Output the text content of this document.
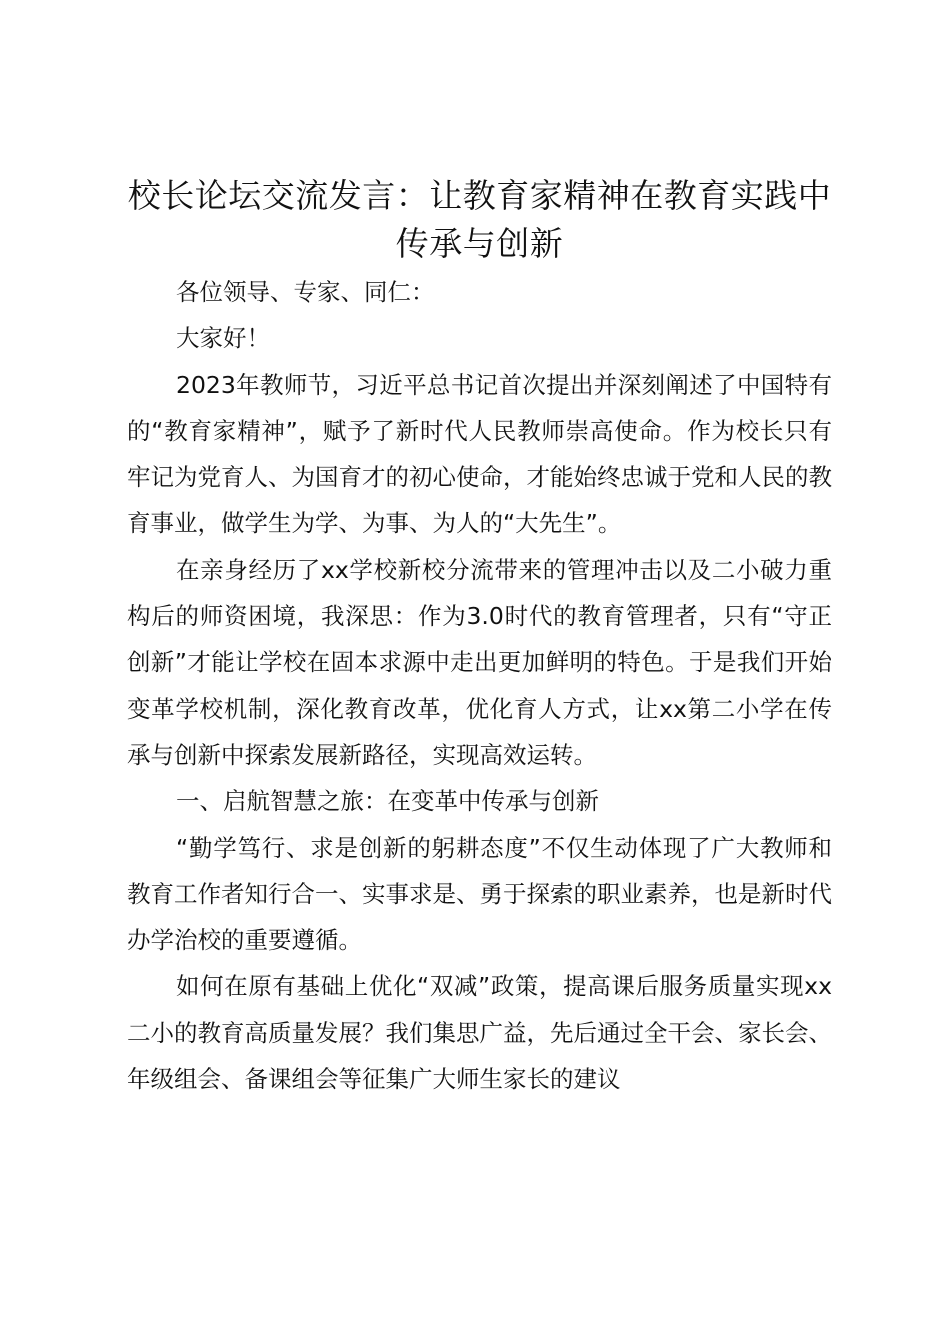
校长论坛交流发言：让教育家精神在教育实践中传承与创新

各位领导、专家、同仁：

大家好！

2023年教师节，习近平总书记首次提出并深刻阐述了中国特有的“教育家精神”，赋予了新时代人民教师崇高使命。作为校长只有牢记为党育人、为国育才的初心使命，才能始终忠诚于党和人民的教育事业，做学生为学、为事、为人的“大先生”。

在亲身经历了xx学校新校分流带来的管理冲击以及二小破力重构后的师资困境，我深思：作为3.0时代的教育管理者，只有“守正创新”才能让学校在固本求源中走出更加鲜明的特色。于是我们开始变革学校机制，深化教育改革，优化育人方式，让xx第二小学在传承与创新中探索发展新路径，实现高效运转。

一、启航智慧之旅：在变革中传承与创新

“勤学笃行、求是创新的躬耕态度”不仅生动体现了广大教师和教育工作者知行合一、实事求是、勇于探索的职业素养，也是新时代办学治校的重要遵循。

如何在原有基础上优化“双减”政策，提高课后服务质量实现xx二小的教育高质量发展？我们集思广益，先后通过全干会、家长会、年级组会、备课组会等征集广大师生家长的建议
